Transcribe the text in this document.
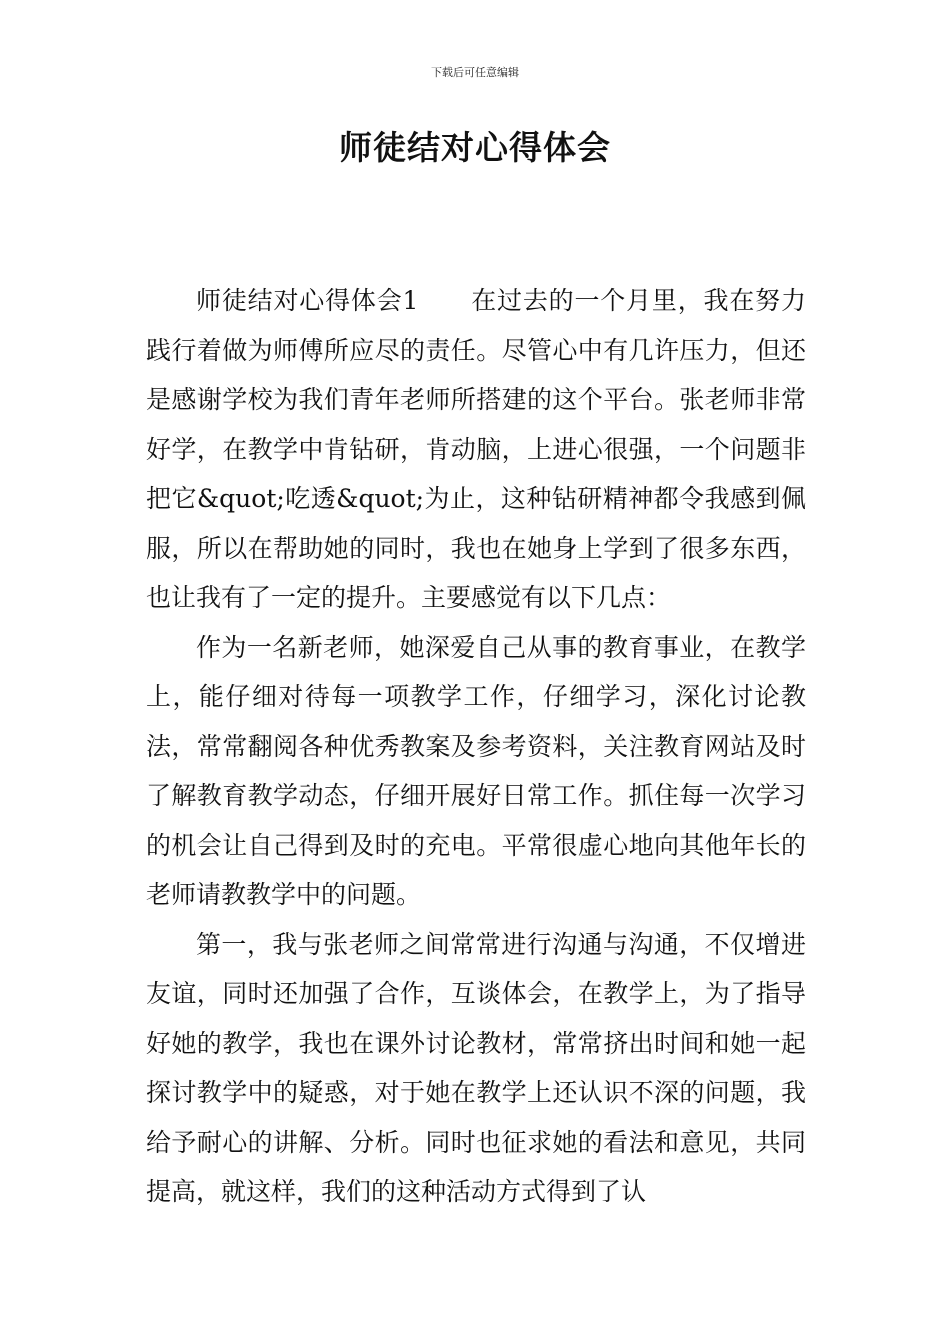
下载后可任意编辑
师徒结对心得体会

师徒结对心得体会1 在过去的一个月里，我在努力践行着做为师傅所应尽的责任。尽管心中有几许压力，但还是感谢学校为我们青年老师所搭建的这个平台。张老师非常好学，在教学中肯钻研，肯动脑，上进心很强，一个问题非把它&quot;吃透&quot;为止，这种钻研精神都令我感到佩服，所以在帮助她的同时，我也在她身上学到了很多东西，也让我有了一定的提升。主要感觉有以下几点：

作为一名新老师，她深爱自己从事的教育事业，在教学上，能仔细对待每一项教学工作，仔细学习，深化讨论教法，常常翻阅各种优秀教案及参考资料，关注教育网站及时了解教育教学动态，仔细开展好日常工作。抓住每一次学习的机会让自己得到及时的充电。平常很虚心地向其他年长的老师请教教学中的问题。

第一，我与张老师之间常常进行沟通与沟通，不仅增进友谊，同时还加强了合作，互谈体会，在教学上，为了指导好她的教学，我也在课外讨论教材，常常挤出时间和她一起探讨教学中的疑惑，对于她在教学上还认识不深的问题，我给予耐心的讲解、分析。同时也征求她的看法和意见，共同提高，就这样，我们的这种活动方式得到了认
